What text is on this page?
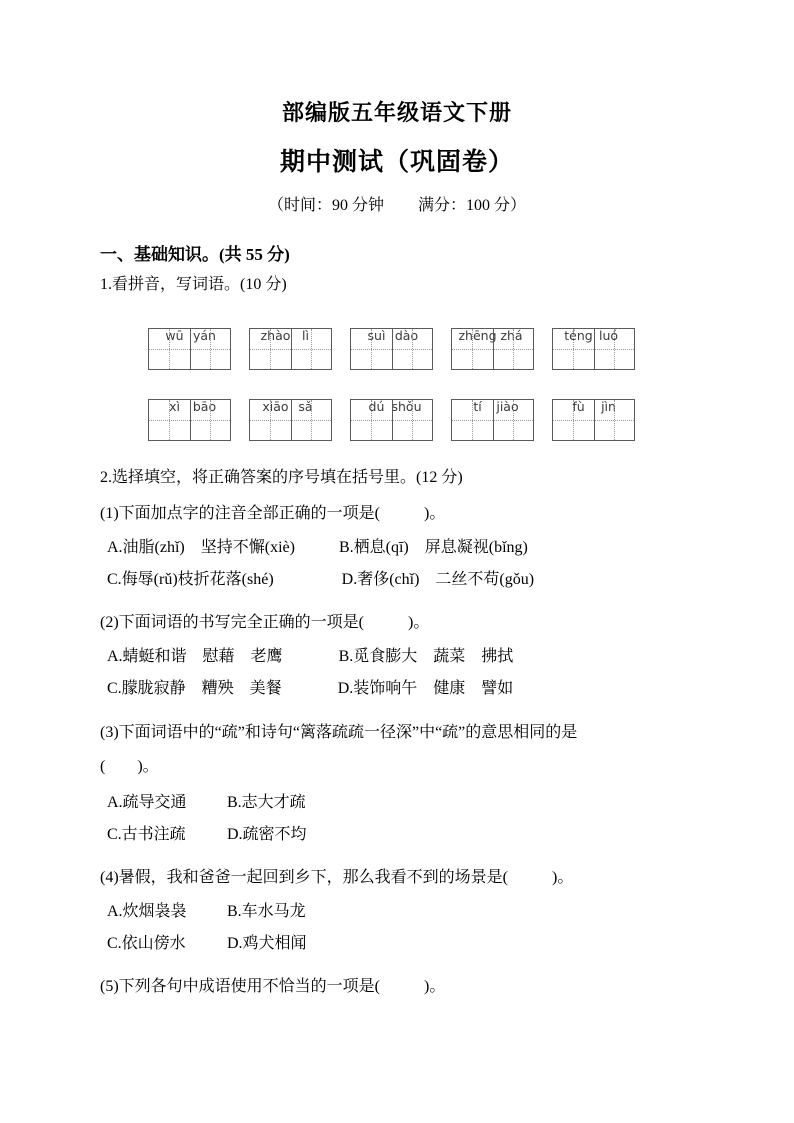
部编版五年级语文下册
期中测试（巩固卷）
（时间：90 分钟 满分：100 分）
一、基础知识。(共 55 分)
1.看拼音，写词语。(10 分)
wū yán	zhào lì	suì dào	zhēng zhá	téng luó
xì bāo	xiāo sǎ	dú shǒu	tí jiào	fù jìn
2.选择填空，将正确答案的序号填在括号里。(12 分)
(1)下面加点字的注音全部正确的一项是(	)。
A.油脂(zhǐ)　坚持不懈(xiè)	B.栖息(qī)　屏息凝视(bǐng)
C.侮辱(rǔ)枝折花落(shé)	D.奢侈(chǐ)　二丝不苟(gǒu)
(2)下面词语的书写完全正确的一项是(	)。
A.蜻蜓和谐　慰藉　老鹰	B.觅食膨大　蔬菜　拂拭
C.朦胧寂静　糟殃　美餐	D.装饰响午　健康　譬如
(3)下面词语中的“疏”和诗句“篱落疏疏一径深”中“疏”的意思相同的是
(　　)。
A.疏导交通	B.志大才疏
C.古书注疏	D.疏密不均
(4)暑假，我和爸爸一起回到乡下，那么我看不到的场景是(	)。
A.炊烟袅袅	B.车水马龙
C.依山傍水	D.鸡犬相闻
(5)下列各句中成语使用不恰当的一项是(	)。
